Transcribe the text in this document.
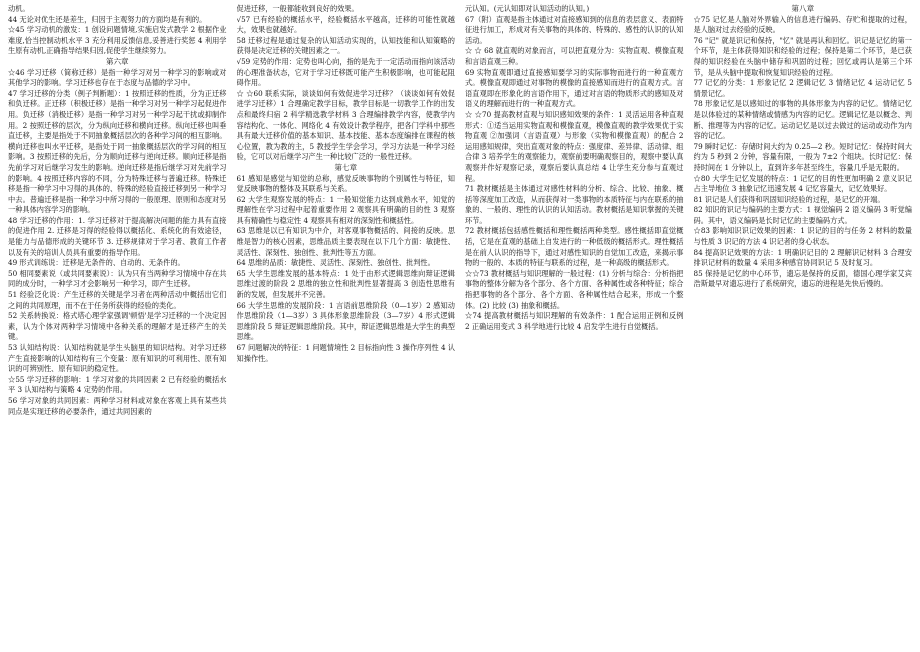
动机。

44 无论对优生还是差生，归因于主观努力的方面均是有利的。

☆45 学习动机的激发：1 创设问题情境,实施启发式教学 2 根据作业难度,恰当控制动机水平 3 充分利用反馈信息,妥善进行奖惩 4 利用学生原有动机,正确指导结果归因,促使学生继续努力。

第六章

☆46 学习迁移（简称迁移）是指一种学习对另一种学习的影响或对其他学习的影响。学习迁移也存在于态度与品德的学习中。

47 学习迁移的分类（例子判断题）：1 按照迁移的性质，分为正迁移和负迁移。正迁移（积极迁移）是指一种学习对另一种学习起促进作用。负迁移（消极迁移）是指一种学习对另一种学习起干扰或抑制作用。2 按照迁移的层次，分为纵向迁移和横向迁移。纵向迁移也叫垂直迁移，主要是指处于不同抽象概括层次的各种学习间的相互影响。横向迁移也叫水平迁移，是指处于同一抽象概括层次的学习间的相互影响。3 按照迁移的先后，分为顺向迁移与逆向迁移。顺向迁移是指先前学习对后继学习发生的影响。逆向迁移是指后继学习对先前学习的影响。4 按照迁移内容的不同，分为特殊迁移与普遍迁移。特殊迁移是指一种学习中习得的具体的、特殊的经验直接迁移到另一种学习中去。普遍迁移是指一种学习中所习得的一般原理、原则和态度对另一种具体内容学习的影响。

48 学习迁移的作用：1. 学习迁移对于提高解决问题的能力具有直接的促进作用 2. 迁移是习得的经验得以概括化、系统化的有效途径，是能力与品德形成的关键环节 3. 迁移规律对于学习者、教育工作者以及有关的培训人员具有重要的指导作用。

49 形式训练说：迁移是无条件的、自动的、无条件的。

50 相同要素说（或共同要素说）：认为只有当两种学习情境中存在共同的成分时，一种学习才会影响另一种学习，即产生迁移。

51 经验泛化说：产生迁移的关键是学习者在两种活动中概括出它们之间的共同原理，而不在于任务所获得的经验的类化。

52 关系转换说：格式塔心理学家强调'顿悟'是学习迁移的一个决定因素，认为个体对两种学习情境中各种关系的理解才是迁移产生的关键。

53 认知结构说：认知结构就是学生头脑里的知识结构。对学习迁移产生直接影响的认知结构有三个变量：原有知识的可利用性、原有知识的可辨别性、原有知识的稳定性。

☆55 学习迁移的影响：1 学习对象的共同因素 2 已有经验的概括水平 3 认知结构与策略 4 定势的作用。

56 学习对象的共同因素：两种学习材料或对象在客观上具有某些共同点是实现迁移的必要条件，通过共同因素的

促进迁移，一般都能收到良好的效果。

√57 已有经验的概括水平，经验概括水平越高，迁移的可能性就越大，效果也就越好。

58 迁移过程是通过复杂的认知活动实现的，认知技能和认知策略的获得是决定迁移的关键因素之一。

√59 定势的作用：定势也叫心向，指的是先于一定活动而指向该活动的心理准备状态，它对于学习迁移既可能产生积极影响，也可能起阻碍作用。

☆ ☆60 联系实际，谈谈如何有效促进学习迁移？（谈谈如何有效促进学习迁移）1 合理确定教学目标，教学目标是一切教学工作的出发点和最终归宿 2 科学精选教学材料 3 合理编排教学内容，使教学内容结构化、一体化、网络化 4 有效设计教学程序，把各门学科中那些具有最大迁移价值的基本知识、基本技能、基本态度编排在课程的核心位置，教为教的主，5 教授学生学会学习，学习方法是一种学习经验，它可以对后继学习产生一种比较广泛的一般性迁移。

第七章

61 感知是感觉与知觉的总称，感觉反映事物的个别属性与特征，知觉反映事物的整体及其联系与关系。

62 大学生观察发展的特点：1 一般知觉能力达到成熟水平，知觉的理解性在学习过程中起着重要作用 2 观察具有明确的目的性 3 观察具有精确性与稳定性 4 观察具有相对的深刻性和概括性。

63 思维是以已有知识为中介，对客观事物概括的、间接的反映。思维是智力的核心因素，思维品质主要表现在以下几个方面：敏捷性、灵活性、深刻性、独创性、批判性等五方面。

64 思维的品质：敏捷性、灵活性、深刻性、独创性、批判性。

65 大学生思维发展的基本特点：1 处于由形式逻辑思维向辩证逻辑思维过渡的阶段 2 思维的独立性和批判性显著提高 3 创造性思维有新的发展，但发展并不完善。

66 大学生思维的发展阶段：1 言语前思维阶段（0—1岁）2 感知动作思维阶段（1—3岁）3 具体形象思维阶段（3—7岁）4 形式逻辑思维阶段 5 辩证逻辑思维阶段。其中，辩证逻辑思维是大学生的典型思维。

67 问题解决的特征：1 问题情境性 2 目标指向性 3 操作序列性 4 认知操作性。

元认知。(元认知即对认知活动的认知。)

67（附）直观是指主体通过对直接感知到的信息的表层意义、表面特征进行加工，形成对有关事物的具体的、特殊的、感性的认识的认知活动。

☆ ☆ 68 就直观的对象而言，可以把直观分为：实物直观、模像直观和言语直观三种。

69 实物直观即通过直接感知要学习的实际事物而进行的一种直观方式。模像直观即通过对事物的模像的直接感知而进行的直观方式。言语直观即在形象化的言语作用下，通过对言语的物质形式的感知及对语义的理解而进行的一种直观方式。

☆ ☆70 提高教材直观与知识感知效果的条件：1 灵活运用各种直观形式：①适当运用实物直观和模像直观，模像直观的教学效果优于实物直观 ②加强词（言语直观）与形象（实物和模像直观）的配合 2 运用感知规律，突出直观对象的特点：强度律、差异律、活动律、组合律 3 培养学生的观察能力，观察前要明确观察目的，观察中要认真观察并作好观察记录，观察后要认真总结 4 让学生充分参与直观过程。

71 教材概括是主体通过对感性材料的分析、综合、比较、抽象、概括等深度加工改造，从而获得对一类事物的本质特征与内在联系的抽象的、一般的、理性的认识的认知活动。教材概括是知识掌握的关键环节。

72 教材概括包括感性概括和理性概括两种类型。感性概括即直觉概括，它是在直观的基础上自发进行的一种低级的概括形式。理性概括是在前人认识的指导下，通过对感性知识的自觉加工改造，来揭示事物的一般的、本质的特征与联系的过程，是一种高级的概括形式。

☆☆73 教材概括与知识理解的一般过程：(1) 分析与综合：分析指把事物的整体分解为各个部分、各个方面、各种属性或各种特征；综合指把事物的各个部分、各个方面、各种属性结合起来，形成一个整体。(2) 比较 (3) 抽象和概括。

☆74 提高教材概括与知识理解的有效条件：1 配合运用正例和反例 2 正确运用变式 3 科学地进行比较 4 启发学生进行自觉概括。

第八章

☆75 记忆是人脑对外界输入的信息进行编码、存贮和提取的过程，是人脑对过去经验的反映。

76 "记" 就是识记和保持，"忆" 就是再认和回忆。识记是记忆的第一个环节，是主体获得知识和经验的过程；保持是第二个环节，是已获得的知识经验在头脑中储存和巩固的过程；回忆或再认是第三个环节，是从头脑中提取和恢复知识经验的过程。

77 记忆的分类：1 形象记忆 2 逻辑记忆 3 情绪记忆 4 运动记忆 5 情景记忆。

78 形象记忆是以感知过的事物的具体形象为内容的记忆。情绪记忆是以体验过的某种情绪或情感为内容的记忆。逻辑记忆是以概念、判断、推理等为内容的记忆。运动记忆是以过去做过的运动或动作为内容的记忆。

79 瞬时记忆：存储时间大约为 0.25—2 秒。短时记忆：保持时间大约为 5 秒到 2 分钟，容量有限，一般为 7±2 个组块。长时记忆：保持时间在 1 分钟以上，直到许多年甚至终生，容量几乎是无限的。

☆80 大学生记忆发展的特点：1 记忆的目的性更加明确 2 意义识记占主导地位 3 抽象记忆迅速发展 4 记忆容量大，记忆效果好。

81 识记是人们获得和巩固知识经验的过程，是记忆的开端。

82 知识的识记与编码的主要方式：1 视觉编码 2 语义编码 3 听觉编码。其中，语义编码是长时记忆的主要编码方式。

☆83 影响知识识记效果的因素：1 识记的目的与任务 2 材料的数量与性质 3 识记的方法 4 识记者的身心状态。

84 提高识记效果的方法：1 明确识记目的 2 理解识记材料 3 合理安排识记材料的数量 4 采用多种感官协同识记 5 及时复习。

85 保持是记忆的中心环节，遗忘是保持的反面，德国心理学家艾宾浩斯最早对遗忘进行了系统研究，遗忘的进程是先快后慢的。
